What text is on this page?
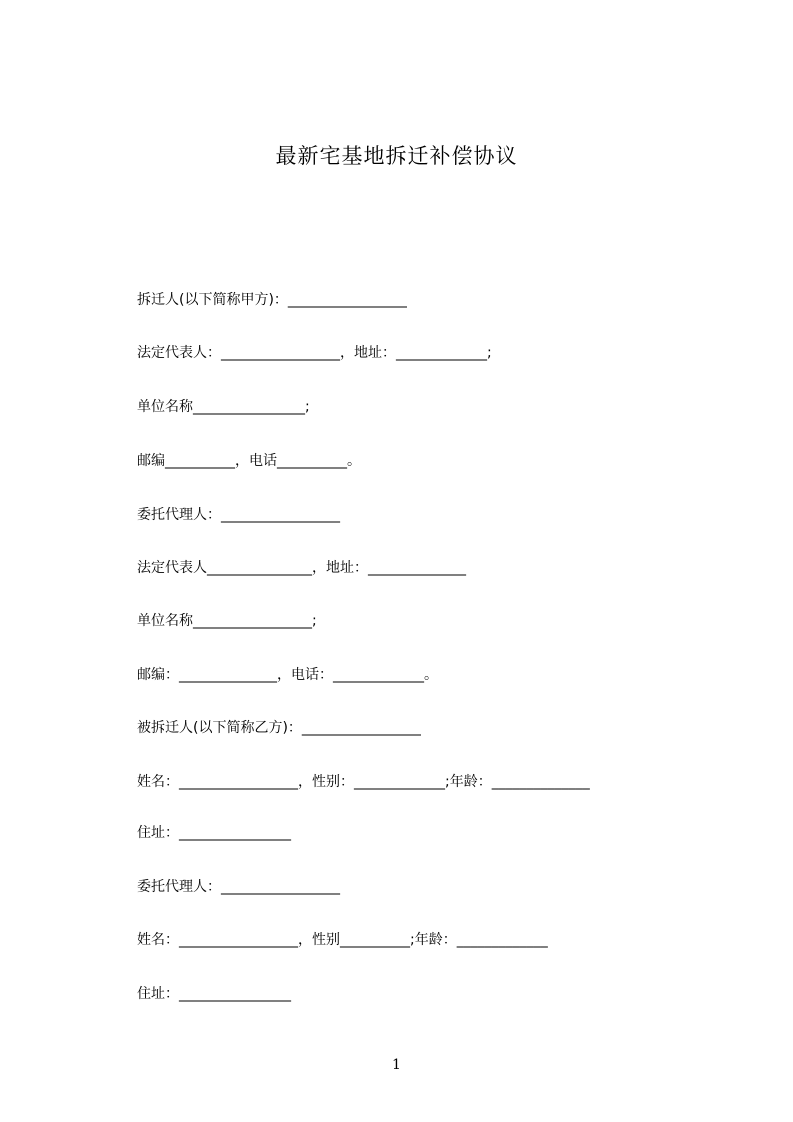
最新宅基地拆迁补偿协议
拆迁人(以下简称甲方)：_________________
法定代表人：_________________，地址：_____________;
单位名称________________;
邮编__________，电话__________。
委托代理人：_________________
法定代表人_______________，地址：______________
单位名称_________________;
邮编：______________，电话：_____________。
被拆迁人(以下简称乙方)：_________________
姓名：_________________，性别：_____________;年龄：______________
住址：________________
委托代理人：_________________
姓名：_________________，性别__________;年龄：_____________
住址：________________
1
